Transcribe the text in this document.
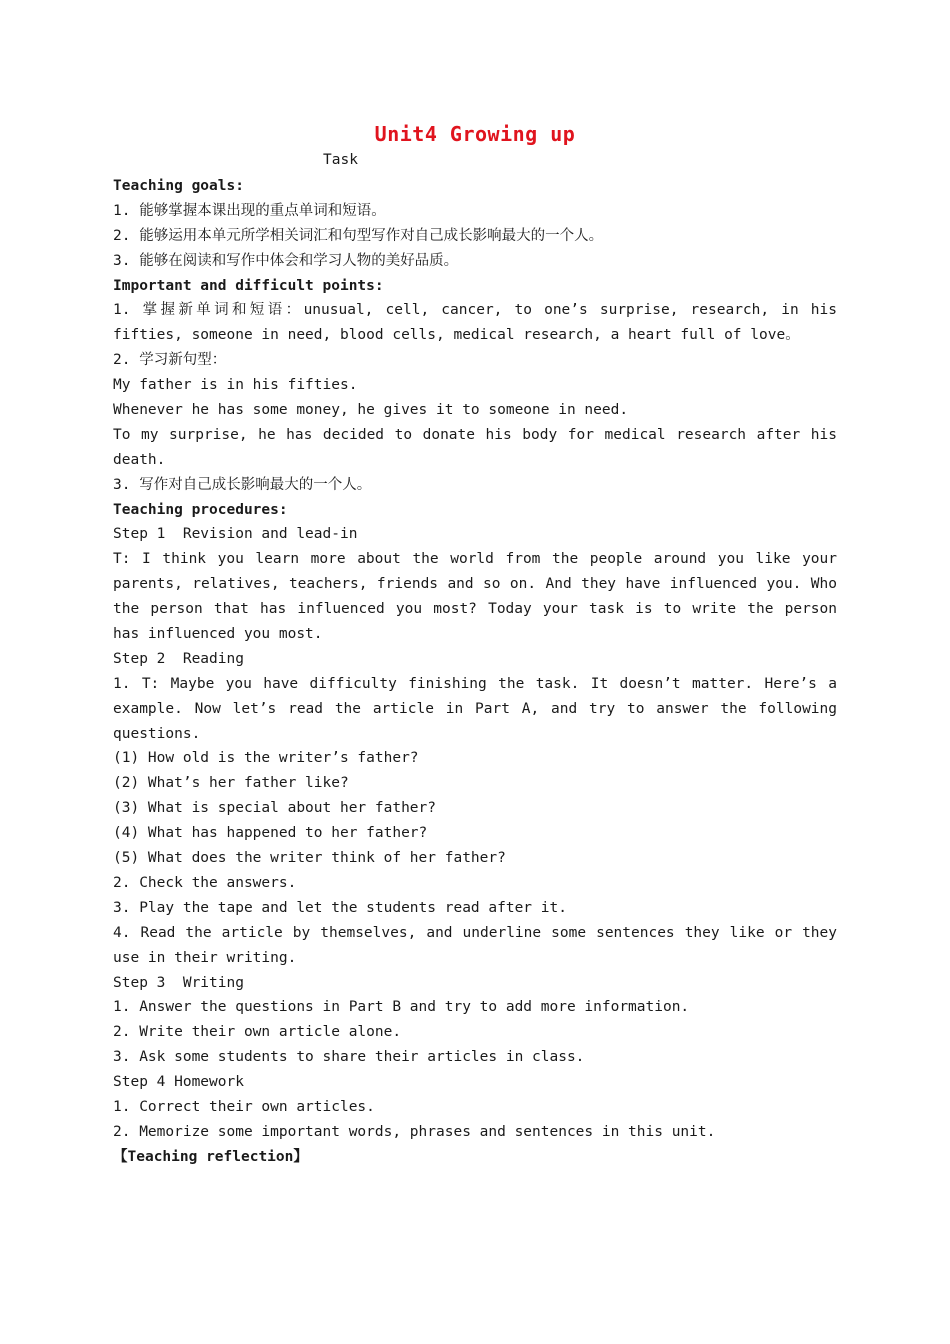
Unit4 Growing up
Task
Teaching goals:
1. 能够掌握本课出现的重点单词和短语。
2. 能够运用本单元所学相关词汇和句型写作对自己成长影响最大的一个人。
3. 能够在阅读和写作中体会和学习人物的美好品质。
Important and difficult points:
1. 掌握新单词和短语：unusual, cell, cancer, to one’s surprise, research, in his
fifties, someone in need, blood cells, medical research, a heart full of love。
2. 学习新句型：
My father is in his fifties.
Whenever he has some money, he gives it to someone in need.
To my surprise, he has decided to donate his body for medical research after his
death.
3. 写作对自己成长影响最大的一个人。
Teaching procedures:
Step 1  Revision and lead-in
T: I think you learn more about the world from the people around you like your
parents, relatives, teachers, friends and so on. And they have influenced you. Who
the person that has influenced you most? Today your task is to write the person
has influenced you most.
Step 2  Reading
1. T: Maybe you have difficulty finishing the task. It doesn’t matter. Here’s a
example. Now let’s read the article in Part A, and try to answer the following
questions.
(1) How old is the writer’s father?
(2) What’s her father like?
(3) What is special about her father?
(4) What has happened to her father?
(5) What does the writer think of her father?
2. Check the answers.
3. Play the tape and let the students read after it.
4. Read the article by themselves, and underline some sentences they like or they
use in their writing.
Step 3  Writing
1. Answer the questions in Part B and try to add more information.
2. Write their own article alone.
3. Ask some students to share their articles in class.
Step 4 Homework
1. Correct their own articles.
2. Memorize some important words, phrases and sentences in this unit.
【Teaching reflection】
